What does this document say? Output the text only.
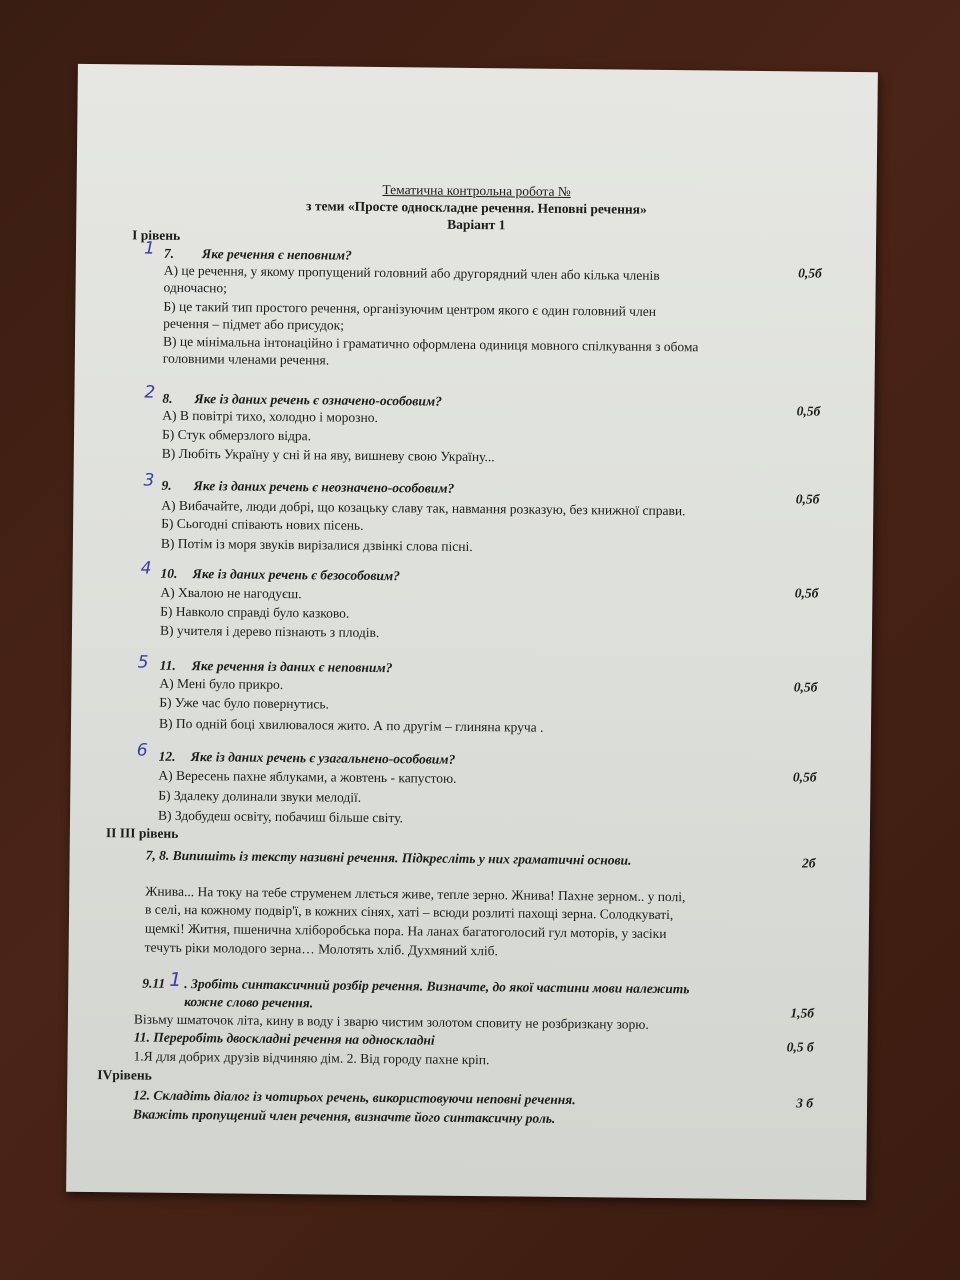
Тематична контрольна робота №
з теми «Просте односкладне речення. Неповні речення»
Варіант 1
І рівень
1 7. Яке речення є неповним?
0,5б
А) це речення, у якому пропущений головний або другорядний член або кілька членів
одночасно;
Б) це такий тип простого речення, організуючим центром якого є один головний член
речення – підмет або присудок;
В) це мінімальна інтонаційно і граматично оформлена одиниця мовного спілкування з обома
головними членами речення.
2 8. Яке із даних речень є означено-особовим?
0,5б
А) В повітрі тихо, холодно і морозно.
Б) Стук обмерзлого відра.
В) Любіть Україну у сні й на яву, вишневу свою Україну...
3 9. Яке із даних речень є неозначено-особовим?
0,5б
А) Вибачайте, люди добрі, що козацьку славу так, навмання розказую, без книжної справи.
Б) Сьогодні співають нових пісень.
В) Потім із моря звуків вирізалися дзвінкі слова пісні.
4 10. Яке із даних речень є безособовим?
0,5б
А) Хвалою не нагодуєш.
Б) Навколо справді було казково.
В) учителя і дерево пізнають з плодів.
5 11. Яке речення із даних є неповним?
0,5б
А) Мені було прикро.
Б) Уже час було повернутись.
В) По одній боці хвилювалося жито. А по другім – глиняна круча .
6 12. Яке із даних речень є узагальнено-особовим?
0,5б
А) Вересень пахне яблуками, а жовтень - капустою.
Б) Здалеку долинали звуки мелодії.
В) Здобудеш освіту, побачиш більше світу.
ІІ ІІІ рівень
7, 8. Випишіть із тексту називні речення. Підкресліть у них граматичні основи.	2б
Жнива... На току на тебе струменем ллється живе, тепле зерно. Жнива! Пахне зерном.. у полі,
в селі, на кожному подвір'ї, в кожних сінях, хаті – всюди розлиті пахощі зерна. Солодкуваті,
щемкі! Житня, пшенична хліборобська пора. На ланах багатоголосий гул моторів, у засіки
течуть ріки молодого зерна… Молотять хліб. Духмяний хліб.
9.11 1 . Зробіть синтаксичний розбір речення. Визначте, до якої частини мови належить
кожне слово речення.
1,5б
Візьму шматочок літа, кину в воду і зварю чистим золотом сповиту не розбризкану зорю.
11. Переробіть двоскладні речення на односкладні	0,5 б
1.Я для добрих друзів відчиняю дім. 2. Від городу пахне кріп.
ІVрівень
12. Складіть діалог із чотирьох речень, використовуючи неповні речення.	3 б
Вкажіть пропущений член речення, визначте його синтаксичну роль.
